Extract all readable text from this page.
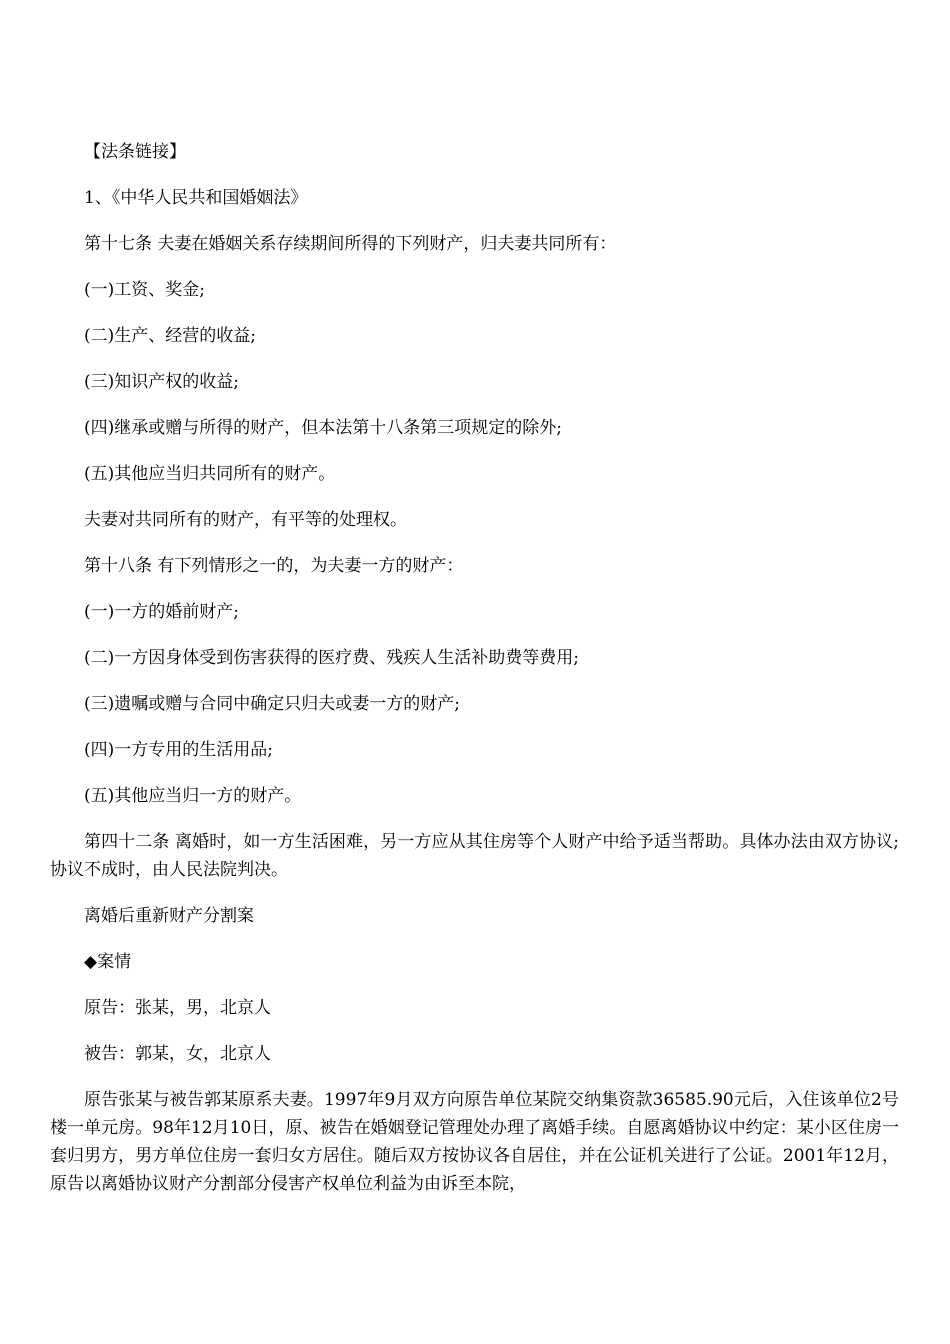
【法条链接】
1、《中华人民共和国婚姻法》
第十七条 夫妻在婚姻关系存续期间所得的下列财产，归夫妻共同所有：
(一)工资、奖金;
(二)生产、经营的收益;
(三)知识产权的收益;
(四)继承或赠与所得的财产，但本法第十八条第三项规定的除外;
(五)其他应当归共同所有的财产。
夫妻对共同所有的财产，有平等的处理权。
第十八条 有下列情形之一的，为夫妻一方的财产：
(一)一方的婚前财产;
(二)一方因身体受到伤害获得的医疗费、残疾人生活补助费等费用;
(三)遗嘱或赠与合同中确定只归夫或妻一方的财产;
(四)一方专用的生活用品;
(五)其他应当归一方的财产。
第四十二条 离婚时，如一方生活困难，另一方应从其住房等个人财产中给予适当帮助。具体办法由双方协议;协议不成时，由人民法院判决。
离婚后重新财产分割案
◆案情
原告：张某，男，北京人
被告：郭某，女，北京人
原告张某与被告郭某原系夫妻。1997年9月双方向原告单位某院交纳集资款36585.90元后，入住该单位2号楼一单元房。98年12月10日，原、被告在婚姻登记管理处办理了离婚手续。自愿离婚协议中约定：某小区住房一套归男方，男方单位住房一套归女方居住。随后双方按协议各自居住，并在公证机关进行了公证。2001年12月，原告以离婚协议财产分割部分侵害产权单位利益为由诉至本院，
